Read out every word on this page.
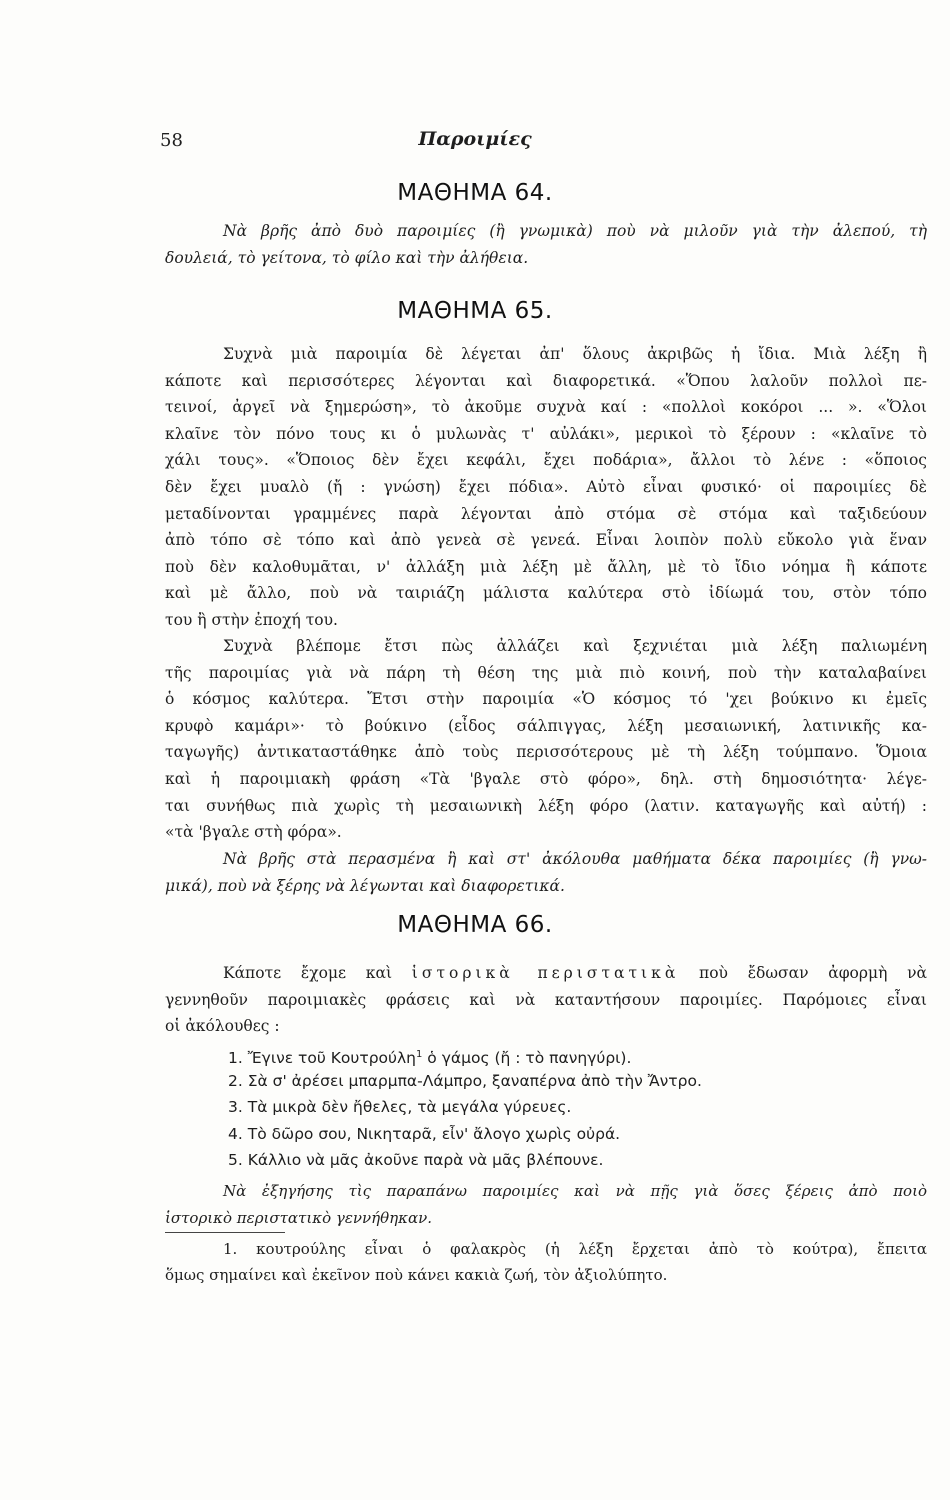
58	Παροιμίες
ΜΑΘΗΜΑ 64.
Νὰ βρῆς ἀπὸ δυὸ παροιμίες (ἢ γνωμικὰ) ποὺ νὰ μιλοῦν γιὰ τὴν ἀλεπού, τὴ
δουλειά, τὸ γείτονα, τὸ φίλο καὶ τὴν ἀλήθεια.
ΜΑΘΗΜΑ 65.
Συχνὰ μιὰ παροιμία δὲ λέγεται ἀπ' ὅλους ἀκριβῶς ἡ ἴδια. Μιὰ λέξη ἢ
κάποτε καὶ περισσότερες λέγονται καὶ διαφορετικά. «Ὅπου λαλοῦν πολλοὶ πε-
τεινοί, ἀργεῖ νὰ ξημερώση», τὸ ἀκοῦμε συχνὰ καί : «πολλοὶ κοκόροι ... ». «Ὅλοι
κλαῖνε τὸν πόνο τους κι ὁ μυλωνὰς τ' αὐλάκι», μερικοὶ τὸ ξέρουν : «κλαῖνε τὸ
χάλι τους». «Ὅποιος δὲν ἔχει κεφάλι, ἔχει ποδάρια», ἄλλοι τὸ λένε : «ὅποιος
δὲν ἔχει μυαλὸ (ἤ : γνώση) ἔχει πόδια». Αὐτὸ εἶναι φυσικό· οἱ παροιμίες δὲ
μεταδίνονται γραμμένες παρὰ λέγονται ἀπὸ στόμα σὲ στόμα καὶ ταξιδεύουν
ἀπὸ τόπο σὲ τόπο καὶ ἀπὸ γενεὰ σὲ γενεά. Εἶναι λοιπὸν πολὺ εὔκολο γιὰ ἕναν
ποὺ δὲν καλοθυμᾶται, ν' ἀλλάξη μιὰ λέξη μὲ ἄλλη, μὲ τὸ ἴδιο νόημα ἢ κάποτε
καὶ μὲ ἄλλο, ποὺ νὰ ταιριάζη μάλιστα καλύτερα στὸ ἰδίωμά του, στὸν τόπο
του ἢ στὴν ἐποχή του.
Συχνὰ βλέπομε ἔτσι πὼς ἀλλάζει καὶ ξεχνιέται μιὰ λέξη παλιωμένη
τῆς παροιμίας γιὰ νὰ πάρη τὴ θέση της μιὰ πιὸ κοινή, ποὺ τὴν καταλαβαίνει
ὁ κόσμος καλύτερα. Ἔτσι στὴν παροιμία «Ὁ κόσμος τό 'χει βούκινο κι ἐμεῖς
κρυφὸ καμάρι»· τὸ βούκινο (εἶδος σάλπιγγας, λέξη μεσαιωνική, λατινικῆς κα-
ταγωγῆς) ἀντικαταστάθηκε ἀπὸ τοὺς περισσότερους μὲ τὴ λέξη τούμπανο. Ὅμοια
καὶ ἡ παροιμιακὴ φράση «Τὰ 'βγαλε στὸ φόρο», δηλ. στὴ δημοσιότητα· λέγε-
ται συνήθως πιὰ χωρὶς τὴ μεσαιωνικὴ λέξη φόρο (λατιν. καταγωγῆς καὶ αὐτή) :
«τὰ 'βγαλε στὴ φόρα».
Νὰ βρῆς στὰ περασμένα ἢ καὶ στ' ἀκόλουθα μαθήματα δέκα παροιμίες (ἢ γνω-
μικά), ποὺ νὰ ξέρης νὰ λέγωνται καὶ διαφορετικά.
ΜΑΘΗΜΑ 66.
Κάποτε ἔχομε καὶ ἱστορικὰ περιστατικὰ ποὺ ἔδωσαν ἀφορμὴ νὰ
γεννηθοῦν παροιμιακὲς φράσεις καὶ νὰ καταντήσουν παροιμίες. Παρόμοιες εἶναι
οἱ ἀκόλουθες :
1. Ἔγινε τοῦ Κουτρούλη$^1$ ὁ γάμος (ἤ : τὸ πανηγύρι).
2. Σὰ σ' ἀρέσει μπαρμπα-Λάμπρο, ξαναπέρνα ἀπὸ τὴν Ἄντρο.
3. Τὰ μικρὰ δὲν ἤθελες, τὰ μεγάλα γύρευες.
4. Τὸ δῶρο σου, Νικηταρᾶ, εἶν' ἄλογο χωρὶς οὐρά.
5. Κάλλιο νὰ μᾶς ἀκοῦνε παρὰ νὰ μᾶς βλέπουνε.
Νὰ ἐξηγήσης τὶς παραπάνω παροιμίες καὶ νὰ πῇς γιὰ ὅσες ξέρεις ἀπὸ ποιὸ
ἱστορικὸ περιστατικὸ γεννήθηκαν.
1. κουτρούλης εἶναι ὁ φαλακρὸς (ἡ λέξη ἔρχεται ἀπὸ τὸ κούτρα), ἔπειτα
ὅμως σημαίνει καὶ ἐκεῖνον ποὺ κάνει κακιὰ ζωή, τὸν ἀξιολύπητο.
